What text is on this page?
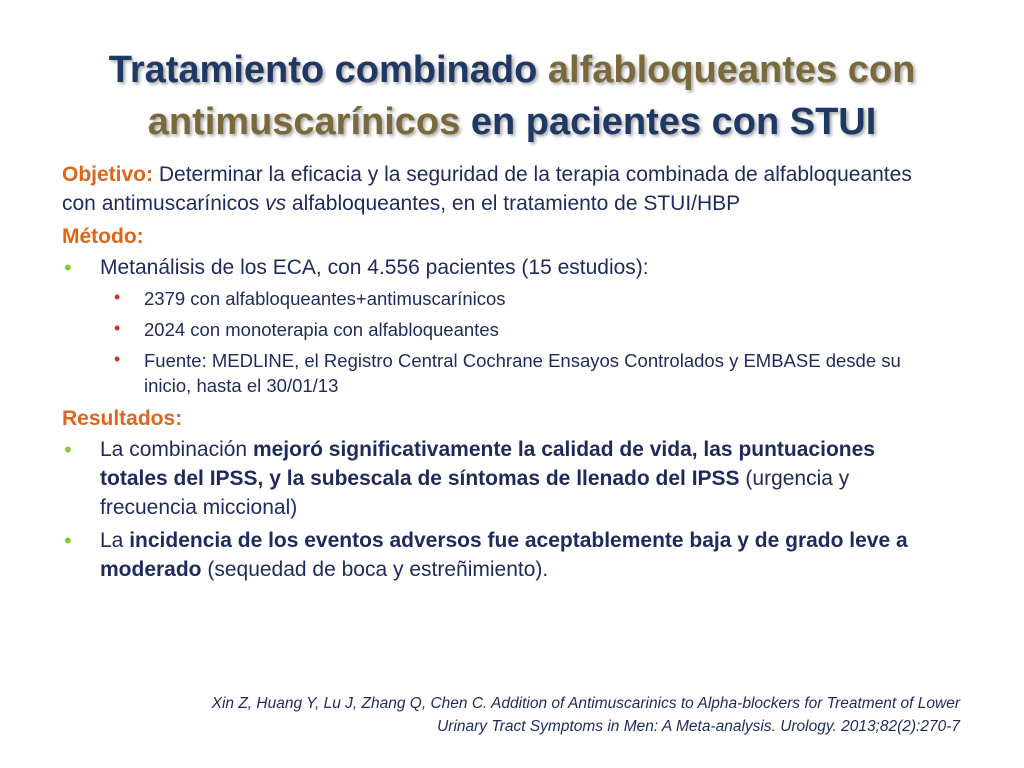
Tratamiento combinado alfabloqueantes con antimuscarínicos en pacientes con STUI

Objetivo: Determinar la eficacia y la seguridad de la terapia combinada de alfabloqueantes con antimuscarínicos vs alfabloqueantes, en el tratamiento de STUI/HBP

Método:
• Metanálisis de los ECA, con 4.556 pacientes (15 estudios):
• 2379 con alfabloqueantes+antimuscarínicos
• 2024 con monoterapia con alfabloqueantes
• Fuente: MEDLINE, el Registro Central Cochrane Ensayos Controlados y EMBASE desde su inicio, hasta el 30/01/13
Resultados:
• La combinación mejoró significativamente la calidad de vida, las puntuaciones totales del IPSS, y la subescala de síntomas de llenado del IPSS (urgencia y frecuencia miccional)
• La incidencia de los eventos adversos fue aceptablemente baja y de grado leve a moderado (sequedad de boca y estreñimiento).
Xin Z, Huang Y, Lu J, Zhang Q, Chen C. Addition of Antimuscarinics to Alpha-blockers for Treatment of Lower
Urinary Tract Symptoms in Men: A Meta-analysis. Urology. 2013;82(2):270-7
